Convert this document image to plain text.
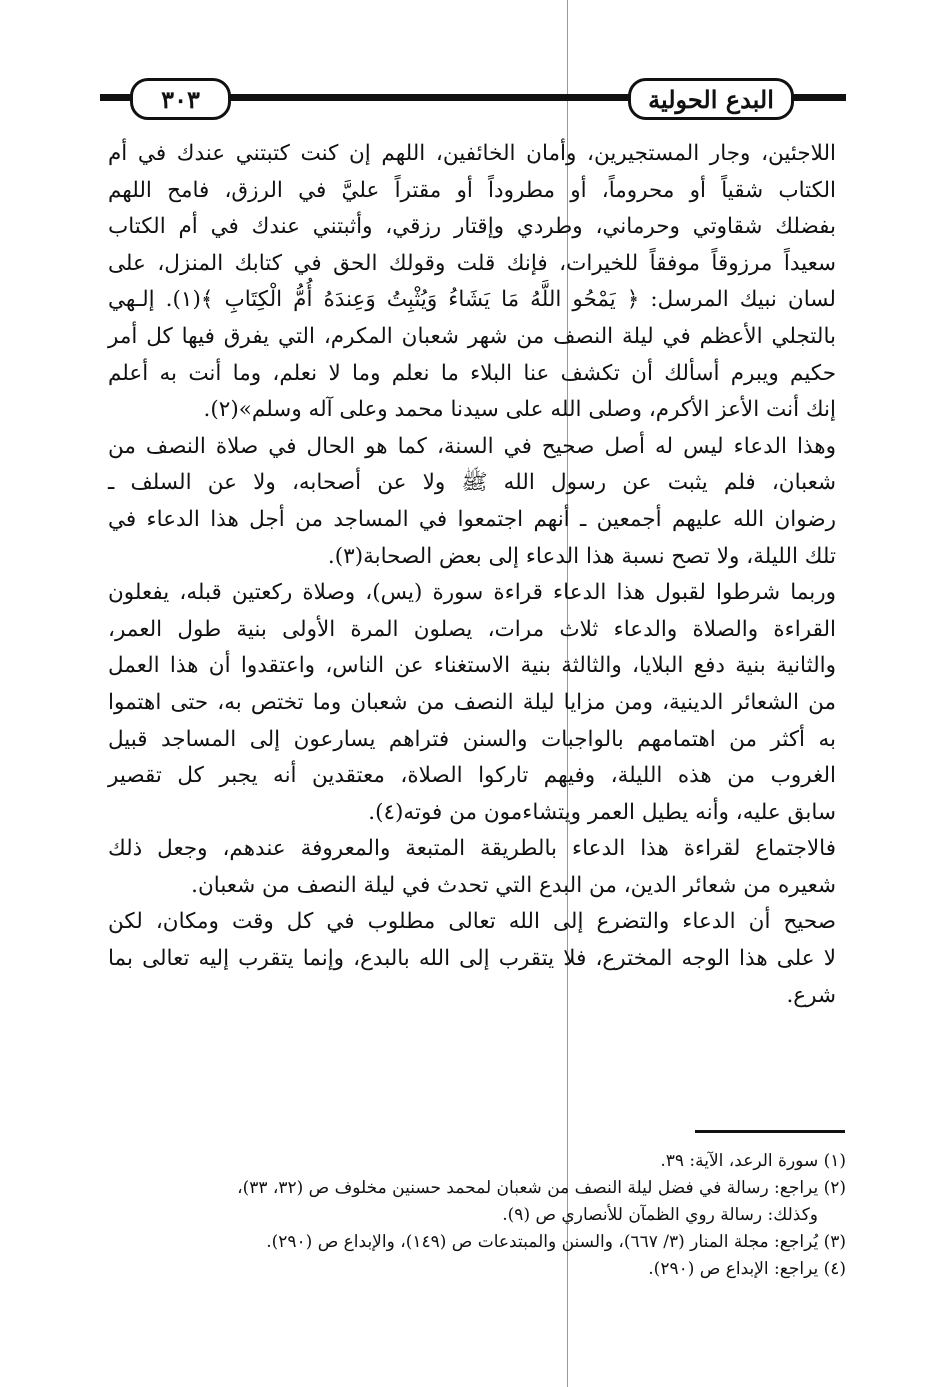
البدع الحولية
٣٠٣
اللاجئين، وجار المستجيرين، وأمان الخائفين، اللهم إن كنت كتبتني عندك في أم
الكتاب شقياً أو محروماً، أو مطروداً أو مقتراً عليَّ في الرزق، فامح اللهم
بفضلك شقاوتي وحرماني، وطردي وإقتار رزقي، وأثبتني عندك في أم الكتاب
سعيداً مرزوقاً موفقاً للخيرات، فإنك قلت وقولك الحق في كتابك المنزل، على
لسان نبيك المرسل: ﴿ يَمْحُو اللَّهُ مَا يَشَاءُ وَيُثْبِتُ وَعِندَهُ أُمُّ الْكِتَابِ ﴾(١). إلـهي
بالتجلي الأعظم في ليلة النصف من شهر شعبان المكرم، التي يفرق فيها كل أمر
حكيم ويبرم أسألك أن تكشف عنا البلاء ما نعلم وما لا نعلم، وما أنت به أعلم
إنك أنت الأعز الأكرم، وصلى الله على سيدنا محمد وعلى آله وسلم»(٢).
وهذا الدعاء ليس له أصل صحيح في السنة، كما هو الحال في صلاة النصف من
شعبان، فلم يثبت عن رسول الله ﷺ ولا عن أصحابه، ولا عن السلف ـ
رضوان الله عليهم أجمعين ـ أنهم اجتمعوا في المساجد من أجل هذا الدعاء في
تلك الليلة، ولا تصح نسبة هذا الدعاء إلى بعض الصحابة(٣).
وربما شرطوا لقبول هذا الدعاء قراءة سورة (يس)، وصلاة ركعتين قبله، يفعلون
القراءة والصلاة والدعاء ثلاث مرات، يصلون المرة الأولى بنية طول العمر،
والثانية بنية دفع البلايا، والثالثة بنية الاستغناء عن الناس، واعتقدوا أن هذا العمل
من الشعائر الدينية، ومن مزايا ليلة النصف من شعبان وما تختص به، حتى اهتموا
به أكثر من اهتمامهم بالواجبات والسنن فتراهم يسارعون إلى المساجد قبيل
الغروب من هذه الليلة، وفيهم تاركوا الصلاة، معتقدين أنه يجبر كل تقصير
سابق عليه، وأنه يطيل العمر ويتشاءمون من فوته(٤).
فالاجتماع لقراءة هذا الدعاء بالطريقة المتبعة والمعروفة عندهم، وجعل ذلك
شعيره من شعائر الدين، من البدع التي تحدث في ليلة النصف من شعبان.
صحيح أن الدعاء والتضرع إلى الله تعالى مطلوب في كل وقت ومكان، لكن
لا على هذا الوجه المخترع، فلا يتقرب إلى الله بالبدع، وإنما يتقرب إليه تعالى بما
شرع.
(١) سورة الرعد، الآية: ٣٩.
(٢) يراجع: رسالة في فضل ليلة النصف من شعبان لمحمد حسنين مخلوف ص (٣٢، ٣٣)،
وكذلك: رسالة روي الظمآن للأنصاري ص (٩).
(٣) يُراجع: مجلة المنار (٣/ ٦٦٧)، والسنن والمبتدعات ص (١٤٩)، والإبداع ص (٢٩٠).
(٤) يراجع: الإبداع ص (٢٩٠).
